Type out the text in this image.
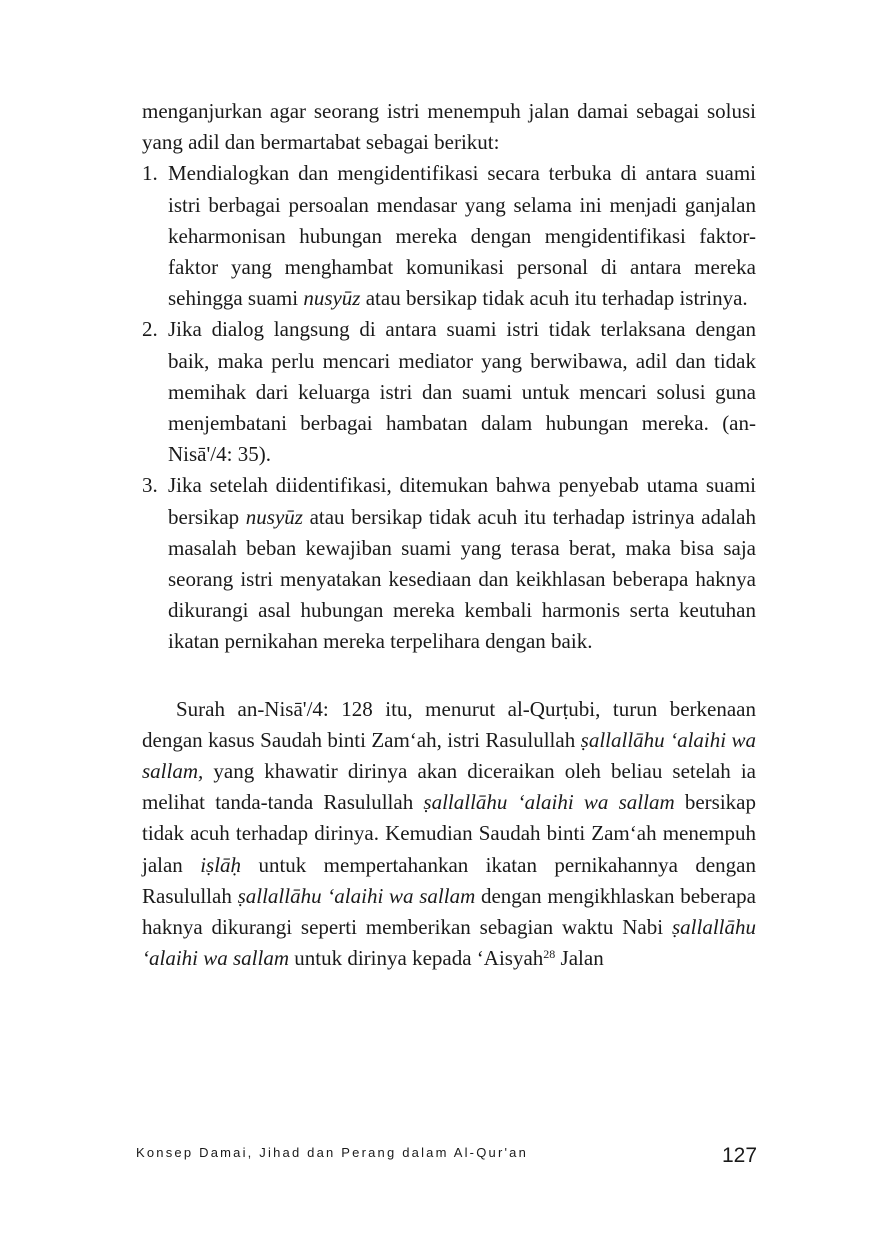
menganjurkan agar seorang istri menempuh jalan damai sebagai solusi yang adil dan bermartabat sebagai berikut:

1. Mendialogkan dan mengidentifikasi secara terbuka di antara suami istri berbagai persoalan mendasar yang selama ini menjadi ganjalan keharmonisan hubungan mereka dengan mengidentifikasi faktor-faktor yang menghambat komunikasi personal di antara mereka sehingga suami nusyūz atau bersikap tidak acuh itu terhadap istrinya.
2. Jika dialog langsung di antara suami istri tidak terlaksana dengan baik, maka perlu mencari mediator yang berwibawa, adil dan tidak memihak dari keluarga istri dan suami untuk mencari solusi guna menjembatani berbagai hambatan dalam hubungan mereka. (an-Nisā'/4: 35).
3. Jika setelah diidentifikasi, ditemukan bahwa penyebab utama suami bersikap nusyūz atau bersikap tidak acuh itu terhadap istrinya adalah masalah beban kewajiban suami yang terasa berat, maka bisa saja seorang istri menyatakan kesediaan dan keikhlasan beberapa haknya dikurangi asal hubungan mereka kembali harmonis serta keutuhan ikatan pernikahan mereka terpelihara dengan baik.

Surah an-Nisā'/4: 128 itu, menurut al-Qurṭubi, turun berkenaan dengan kasus Saudah binti Zam‘ah, istri Rasulullah ṣallallāhu ‘alaihi wa sallam, yang khawatir dirinya akan diceraikan oleh beliau setelah ia melihat tanda-tanda Rasulullah ṣallallāhu ‘alaihi wa sallam bersikap tidak acuh terhadap dirinya. Kemudian Saudah binti Zam‘ah menempuh jalan iṣlāḥ untuk mempertahankan ikatan pernikahannya dengan Rasulullah ṣallallāhu ‘alaihi wa sallam dengan mengikhlaskan beberapa haknya dikurangi seperti memberikan sebagian waktu Nabi ṣallallāhu ‘alaihi wa sallam untuk dirinya kepada ‘Aisyah$^{28}$ Jalan

Konsep Damai, Jihad dan Perang dalam Al-Qur'an	127
